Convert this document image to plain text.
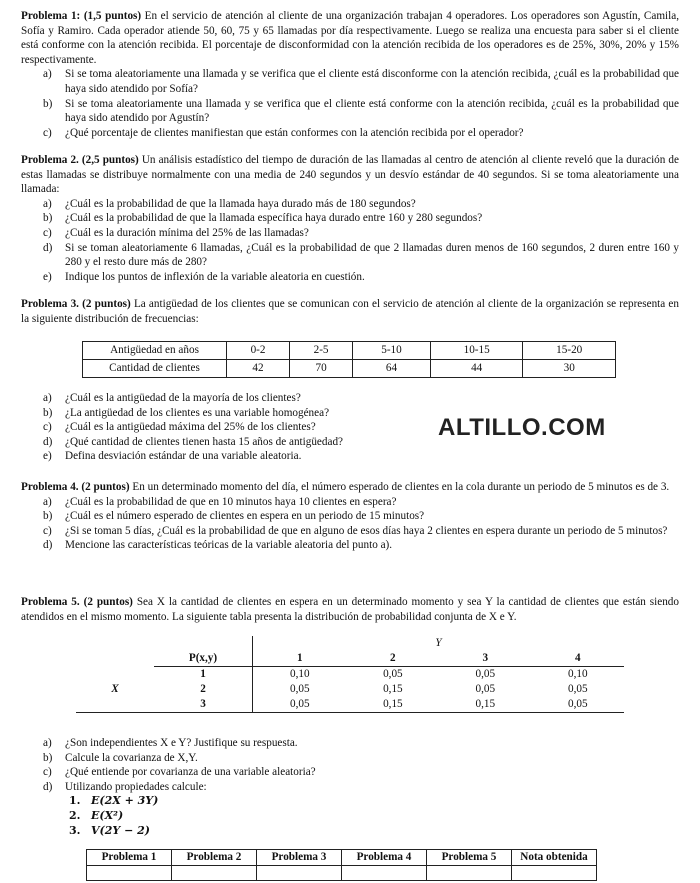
Problema 1: (1,5 puntos) En el servicio de atención al cliente de una organización trabajan 4 operadores. Los operadores son Agustín, Camila, Sofía y Ramiro. Cada operador atiende 50, 60, 75 y 65 llamadas por día respectivamente. Luego se realiza una encuesta para saber si el cliente está conforme con la atención recibida. El porcentaje de disconformidad con la atención recibida de los operadores es de 25%, 30%, 20% y 15% respectivamente.

a) Si se toma aleatoriamente una llamada y se verifica que el cliente está disconforme con la atención recibida, ¿cuál es la probabilidad que haya sido atendido por Sofía?
b) Si se toma aleatoriamente una llamada y se verifica que el cliente está conforme con la atención recibida, ¿cuál es la probabilidad que haya sido atendido por Agustín?
c) ¿Qué porcentaje de clientes manifiestan que están conformes con la atención recibida por el operador?

Problema 2. (2,5 puntos) Un análisis estadístico del tiempo de duración de las llamadas al centro de atención al cliente reveló que la duración de estas llamadas se distribuye normalmente con una media de 240 segundos y un desvío estándar de 40 segundos. Si se toma aleatoriamente una llamada:

a) ¿Cuál es la probabilidad de que la llamada haya durado más de 180 segundos?
b) ¿Cuál es la probabilidad de que la llamada específica haya durado entre 160 y 280 segundos?
c) ¿Cuál es la duración mínima del 25% de las llamadas?
d) Si se toman aleatoriamente 6 llamadas, ¿Cuál es la probabilidad de que 2 llamadas duren menos de 160 segundos, 2 duren entre 160 y 280 y el resto dure más de 280?
e) Indique los puntos de inflexión de la variable aleatoria en cuestión.

Problema 3. (2 puntos) La antigüedad de los clientes que se comunican con el servicio de atención al cliente de la organización se representa en la siguiente distribución de frecuencias:

Antigüedad en años	0-2	2-5	5-10	10-15	15-20
Cantidad de clientes	42	70	64	44	30
a) ¿Cuál es la antigüedad de la mayoría de los clientes?
b) ¿La antigüedad de los clientes es una variable homogénea?
c) ¿Cuál es la antigüedad máxima del 25% de los clientes?
d) ¿Qué cantidad de clientes tienen hasta 15 años de antigüedad?
e) Defina desviación estándar de una variable aleatoria.
ALTILLO.COM

Problema 4. (2 puntos) En un determinado momento del día, el número esperado de clientes en la cola durante un periodo de 5 minutos es de 3.

a) ¿Cuál es la probabilidad de que en 10 minutos haya 10 clientes en espera?
b) ¿Cuál es el número esperado de clientes en espera en un periodo de 15 minutos?
c) ¿Si se toman 5 días, ¿Cuál es la probabilidad de que en alguno de esos días haya 2 clientes en espera durante un periodo de 5 minutos?
d) Mencione las características teóricas de la variable aleatoria del punto a).

Problema 5. (2 puntos) Sea X la cantidad de clientes en espera en un determinado momento y sea Y la cantidad de clientes que están siendo atendidos en el mismo momento. La siguiente tabla presenta la distribución de probabilidad conjunta de X e Y.

		Y			
	P(x,y)	1	2	3	4
	1	0,10	0,05	0,05	0,10
X	2	0,05	0,15	0,05	0,05
	3	0,05	0,15	0,15	0,05
a) ¿Son independientes X e Y? Justifique su respuesta.
b) Calcule la covarianza de X,Y.
c) ¿Qué entiende por covarianza de una variable aleatoria?
d) Utilizando propiedades calcule:
1. E(2X + 3Y)
2. E(X²)
3. V(2Y − 2)
Problema 1	Problema 2	Problema 3	Problema 4	Problema 5	Nota obtenida
